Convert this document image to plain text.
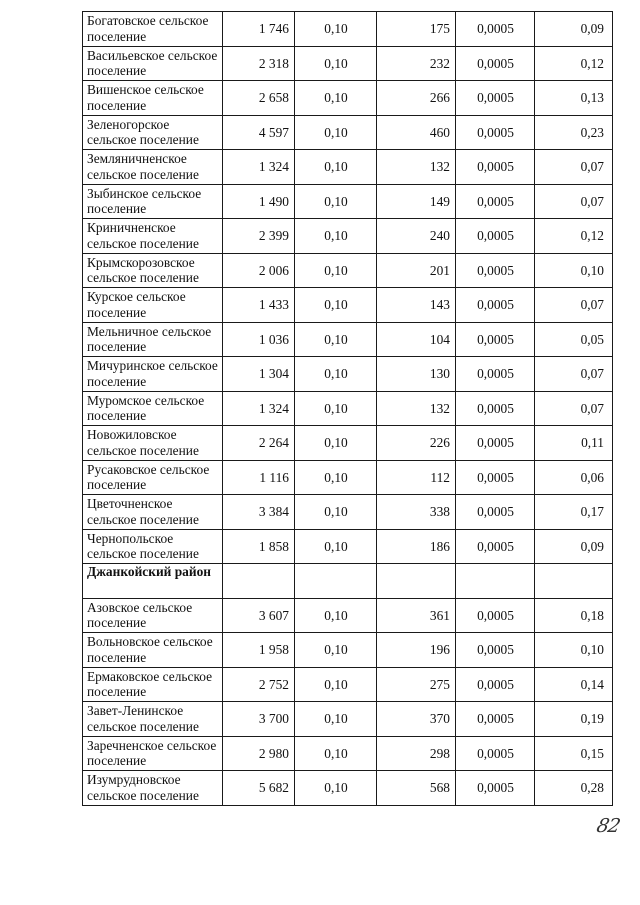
Богатовское сельское поселение	1 746	0,10	175	0,0005	0,09
Васильевское сельское поселение	2 318	0,10	232	0,0005	0,12
Вишенское сельское поселение	2 658	0,10	266	0,0005	0,13
Зеленогорское сельское поселение	4 597	0,10	460	0,0005	0,23
Земляничненское сельское поселение	1 324	0,10	132	0,0005	0,07
Зыбинское сельское поселение	1 490	0,10	149	0,0005	0,07
Криничненское сельское поселение	2 399	0,10	240	0,0005	0,12
Крымскорозовское сельское поселение	2 006	0,10	201	0,0005	0,10
Курское сельское поселение	1 433	0,10	143	0,0005	0,07
Мельничное сельское поселение	1 036	0,10	104	0,0005	0,05
Мичуринское сельское поселение	1 304	0,10	130	0,0005	0,07
Муромское сельское поселение	1 324	0,10	132	0,0005	0,07
Новожиловское сельское поселение	2 264	0,10	226	0,0005	0,11
Русаковское сельское поселение	1 116	0,10	112	0,0005	0,06
Цветочненское сельское поселение	3 384	0,10	338	0,0005	0,17
Чернопольское сельское поселение	1 858	0,10	186	0,0005	0,09
Джанкойский район					
Азовское сельское поселение	3 607	0,10	361	0,0005	0,18
Вольновское сельское поселение	1 958	0,10	196	0,0005	0,10
Ермаковское сельское поселение	2 752	0,10	275	0,0005	0,14
Завет-Ленинское сельское поселение	3 700	0,10	370	0,0005	0,19
Заречненское сельское поселение	2 980	0,10	298	0,0005	0,15
Изумрудновское сельское поселение	5 682	0,10	568	0,0005	0,28
82
